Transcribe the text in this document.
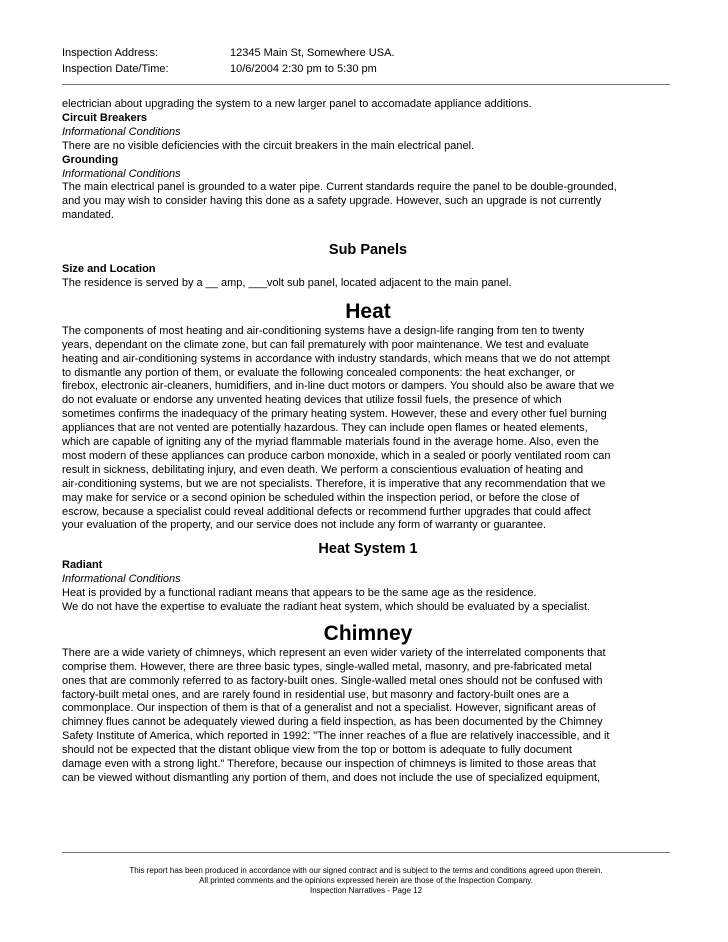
Inspection Address:	12345 Main St, Somewhere USA.
Inspection Date/Time:	10/6/2004 2:30 pm to 5:30 pm

electrician about upgrading the system to a new larger panel to accomadate appliance additions.

Circuit Breakers

Informational Conditions

There are no visible deficiencies with the circuit breakers in the main electrical panel.

Grounding

Informational Conditions

The main electrical panel is grounded to a water pipe. Current standards require the panel to be double-grounded,

and you may wish to consider having this done as a safety upgrade. However, such an upgrade is not currently

mandated.

Sub Panels

Size and Location

The residence is served by a __ amp, ___volt sub panel, located adjacent to the main panel.

Heat

The components of most heating and air-conditioning systems have a design-life ranging from ten to twenty

years, dependant on the climate zone, but can fail prematurely with poor maintenance. We test and evaluate

heating and air-conditioning systems in accordance with industry standards, which means that we do not attempt

to dismantle any portion of them, or evaluate the following concealed components: the heat exchanger, or

firebox, electronic air-cleaners, humidifiers, and in-line duct motors or dampers. You should also be aware that we

do not evaluate or endorse any unvented heating devices that utilize fossil fuels, the presence of which

sometimes confirms the inadequacy of the primary heating system. However, these and every other fuel burning

appliances that are not vented are potentially hazardous. They can include open flames or heated elements,

which are capable of igniting any of the myriad flammable materials found in the average home. Also, even the

most modern of these appliances can produce carbon monoxide, which in a sealed or poorly ventilated room can

result in sickness, debilitating injury, and even death. We perform a conscientious evaluation of heating and

air-conditioning systems, but we are not specialists. Therefore, it is imperative that any recommendation that we

may make for service or a second opinion be scheduled within the inspection period, or before the close of

escrow, because a specialist could reveal additional defects or recommend further upgrades that could affect

your evaluation of the property, and our service does not include any form of warranty or guarantee.

Heat System 1

Radiant

Informational Conditions

Heat is provided by a functional radiant means that appears to be the same age as the residence.

We do not have the expertise to evaluate the radiant heat system, which should be evaluated by a specialist.

Chimney

There are a wide variety of chimneys, which represent an even wider variety of the interrelated components that

comprise them. However, there are three basic types, single-walled metal, masonry, and pre-fabricated metal

ones that are commonly referred to as factory-built ones. Single-walled metal ones should not be confused with

factory-built metal ones, and are rarely found in residential use, but masonry and factory-built ones are a

commonplace. Our inspection of them is that of a generalist and not a specialist. However, significant areas of

chimney flues cannot be adequately viewed during a field inspection, as has been documented by the Chimney

Safety Institute of America, which reported in 1992: "The inner reaches of a flue are relatively inaccessible, and it

should not be expected that the distant oblique view from the top or bottom is adequate to fully document

damage even with a strong light." Therefore, because our inspection of chimneys is limited to those areas that

can be viewed without dismantling any portion of them, and does not include the use of specialized equipment,

This report has been produced in accordance with our signed contract and is subject to the terms and conditions agreed upon therein.
All printed comments and the opinions expressed herein are those of the Inspection Company.
Inspection Narratives - Page 12
